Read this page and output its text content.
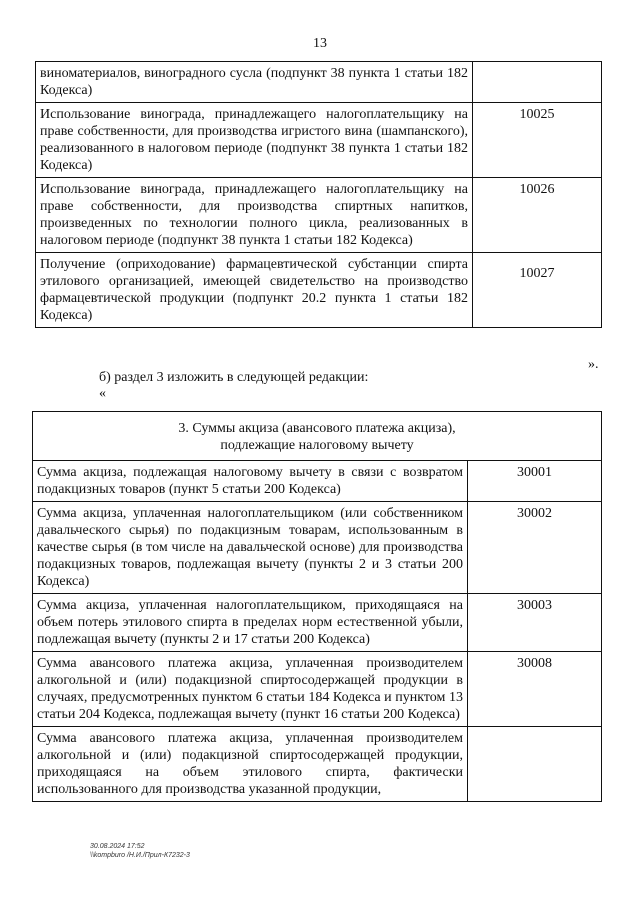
13
виноматериалов, виноградного сусла (подпункт 38 пункта 1 статьи 182 Кодекса)	
Использование винограда, принадлежащего налогоплательщику на праве собственности, для производства игристого вина (шампанского), реализованного в налоговом периоде (подпункт 38 пункта 1 статьи 182 Кодекса)	10025
Использование винограда, принадлежащего налогоплательщику на праве собственности, для производства спиртных напитков, произведенных по технологии полного цикла, реализованных в налоговом периоде (подпункт 38 пункта 1 статьи 182 Кодекса)	10026
Получение (оприходование) фармацевтической субстанции спирта этилового организацией, имеющей свидетельство на производство фармацевтической продукции (подпункт 20.2 пункта 1 статьи 182 Кодекса)	10027
».
б) раздел 3 изложить в следующей редакции:
«
3. Суммы акциза (авансового платежа акциза),
подлежащие налоговому вычету	

Сумма акциза, подлежащая налоговому вычету в связи с возвратом подакцизных товаров (пункт 5 статьи 200 Кодекса)	30001
Сумма акциза, уплаченная налогоплательщиком (или собственником давальческого сырья) по подакцизным товарам, использованным в качестве сырья (в том числе на давальческой основе) для производства подакцизных товаров, подлежащая вычету (пункты 2 и 3 статьи 200 Кодекса)	30002
Сумма акциза, уплаченная налогоплательщиком, приходящаяся на объем потерь этилового спирта в пределах норм естественной убыли, подлежащая вычету (пункты 2 и 17 статьи 200 Кодекса)	30003
Сумма авансового платежа акциза, уплаченная производителем алкогольной и (или) подакцизной спиртосодержащей продукции в случаях, предусмотренных пунктом 6 статьи 184 Кодекса и пунктом 13 статьи 204 Кодекса, подлежащая вычету (пункт 16 статьи 200 Кодекса)	30008
Сумма авансового платежа акциза, уплаченная производителем алкогольной и (или) подакцизной спиртосодержащей продукции, приходящаяся на объем этилового спирта, фактически использованного для производства указанной продукции,	
30.08.2024 17:52
\\kompburo /Н.И./Прил-К7232-3
